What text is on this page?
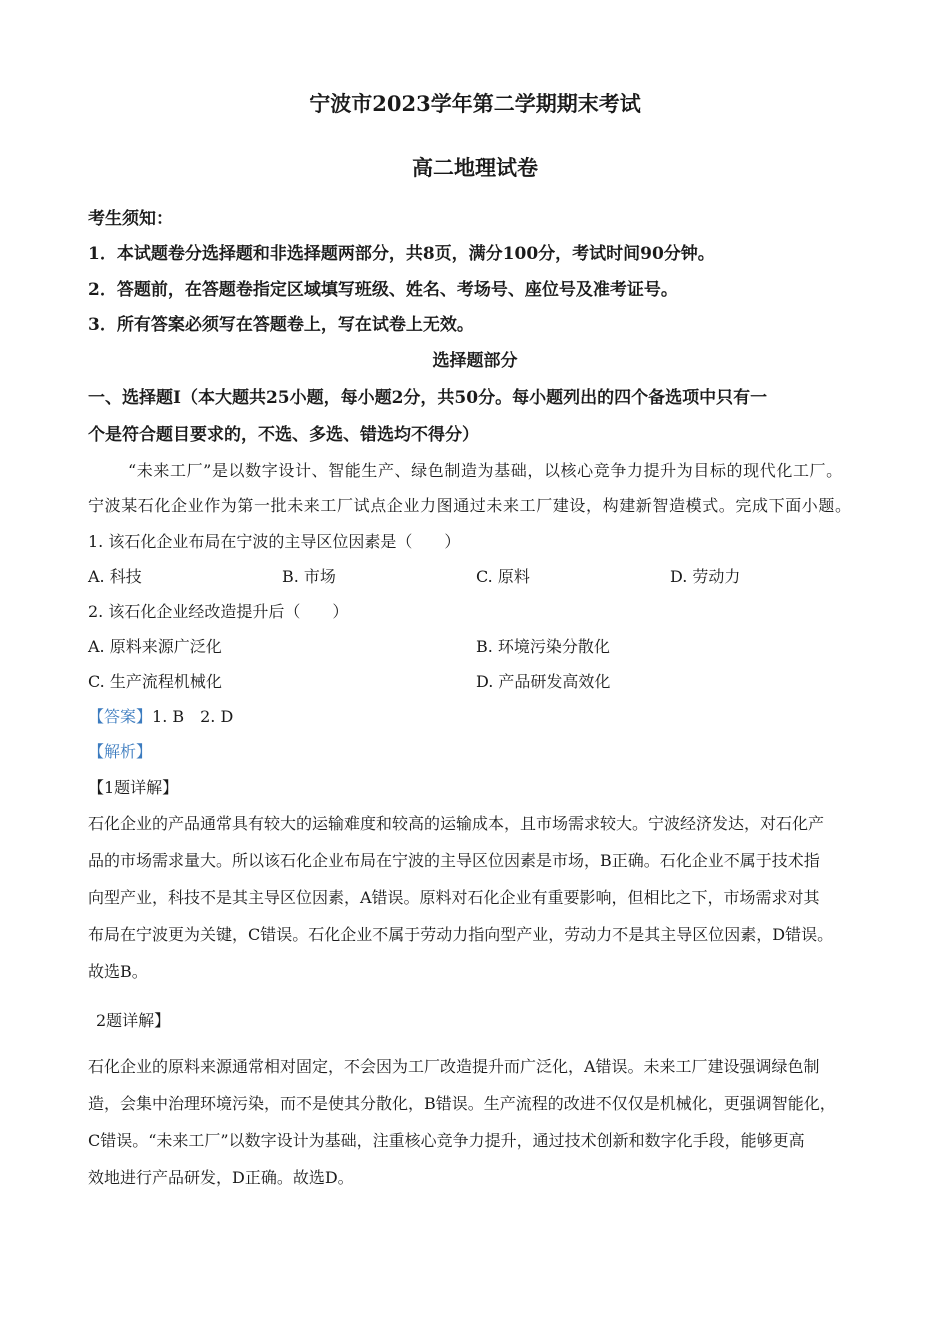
宁波市2023学年第二学期期末考试
高二地理试卷
考生须知：
1．本试题卷分选择题和非选择题两部分，共8页，满分100分，考试时间90分钟。
2．答题前，在答题卷指定区域填写班级、姓名、考场号、座位号及准考证号。
3．所有答案必须写在答题卷上，写在试卷上无效。
选择题部分
一、选择题Ⅰ（本大题共25小题，每小题2分，共50分。每小题列出的四个备选项中只有一
个是符合题目要求的，不选、多选、错选均不得分）
“未来工厂”是以数字设计、智能生产、绿色制造为基础，以核心竞争力提升为目标的现代化工厂。
宁波某石化企业作为第一批未来工厂试点企业力图通过未来工厂建设，构建新智造模式。完成下面小题。
1. 该石化企业布局在宁波的主导区位因素是（　　）
A. 科技	B. 市场	C. 原料	D. 劳动力
2. 该石化企业经改造提升后（　　）
A. 原料来源广泛化	B. 环境污染分散化
C. 生产流程机械化	D. 产品研发高效化
【答案】1. B　2. D
【解析】
【1题详解】
石化企业的产品通常具有较大的运输难度和较高的运输成本，且市场需求较大。宁波经济发达，对石化产
品的市场需求量大。所以该石化企业布局在宁波的主导区位因素是市场，B正确。石化企业不属于技术指
向型产业，科技不是其主导区位因素，A错误。原料对石化企业有重要影响，但相比之下，市场需求对其
布局在宁波更为关键，C错误。石化企业不属于劳动力指向型产业，劳动力不是其主导区位因素，D错误。
故选B。
2题详解】
石化企业的原料来源通常相对固定，不会因为工厂改造提升而广泛化，A错误。未来工厂建设强调绿色制
造，会集中治理环境污染，而不是使其分散化，B错误。生产流程的改进不仅仅是机械化，更强调智能化，
C错误。“未来工厂”以数字设计为基础，注重核心竞争力提升，通过技术创新和数字化手段，能够更高
效地进行产品研发，D正确。故选D。
